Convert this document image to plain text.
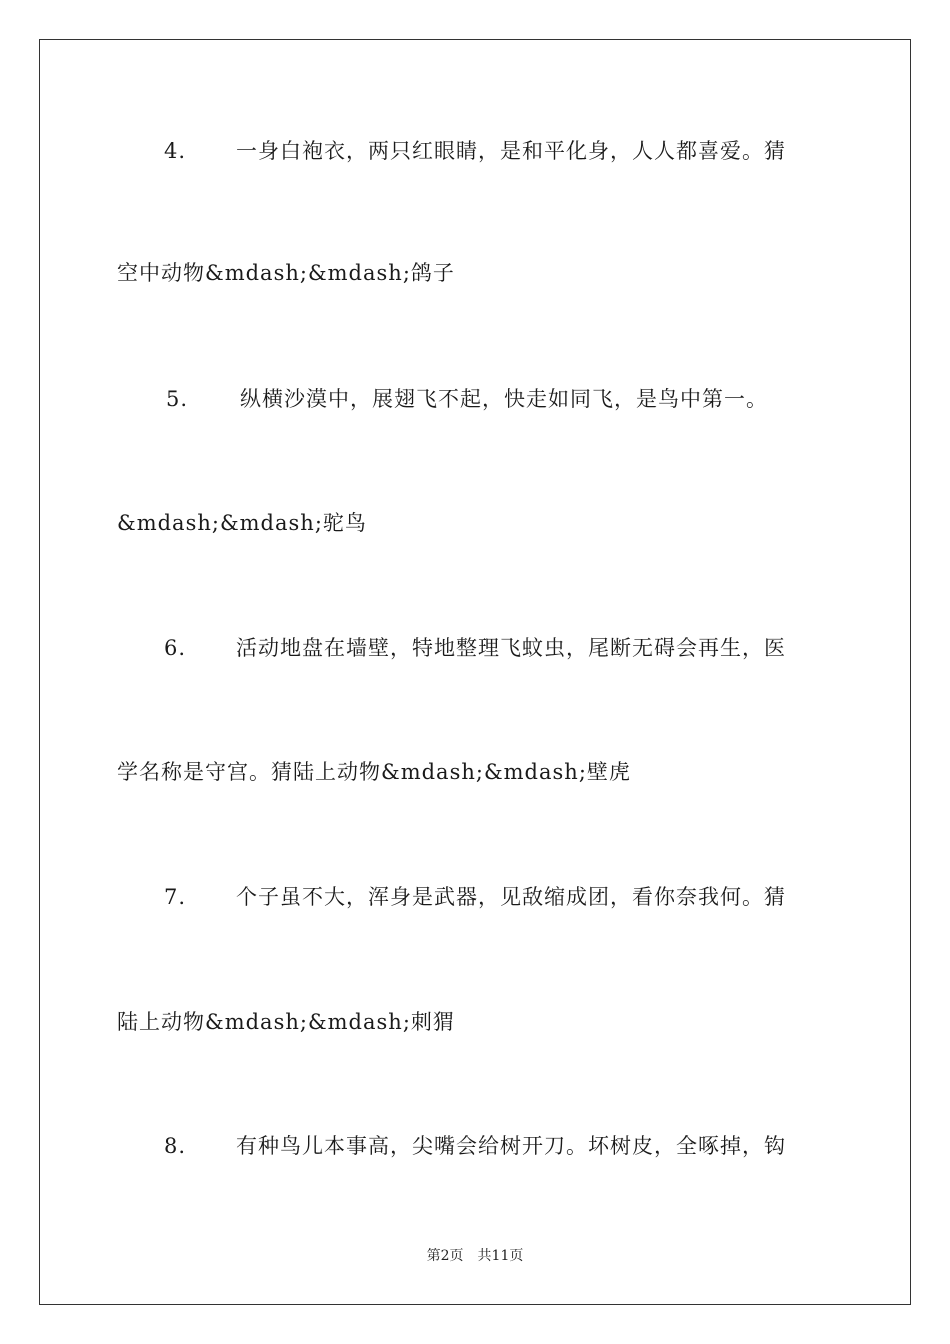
4.	一身白袍衣，两只红眼睛，是和平化身，人人都喜爱。猜
空中动物&mdash;&mdash;鸽子
5.	纵横沙漠中，展翅飞不起，快走如同飞，是鸟中第一。
&mdash;&mdash;驼鸟
6.	活动地盘在墙壁，特地整理飞蚊虫，尾断无碍会再生，医
学名称是守宫。猜陆上动物&mdash;&mdash;壁虎
7.	个子虽不大，浑身是武器，见敌缩成团，看你奈我何。猜
陆上动物&mdash;&mdash;刺猬
8.	有种鸟儿本事高，尖嘴会给树开刀。坏树皮，全啄掉，钩
第2页 共11页
